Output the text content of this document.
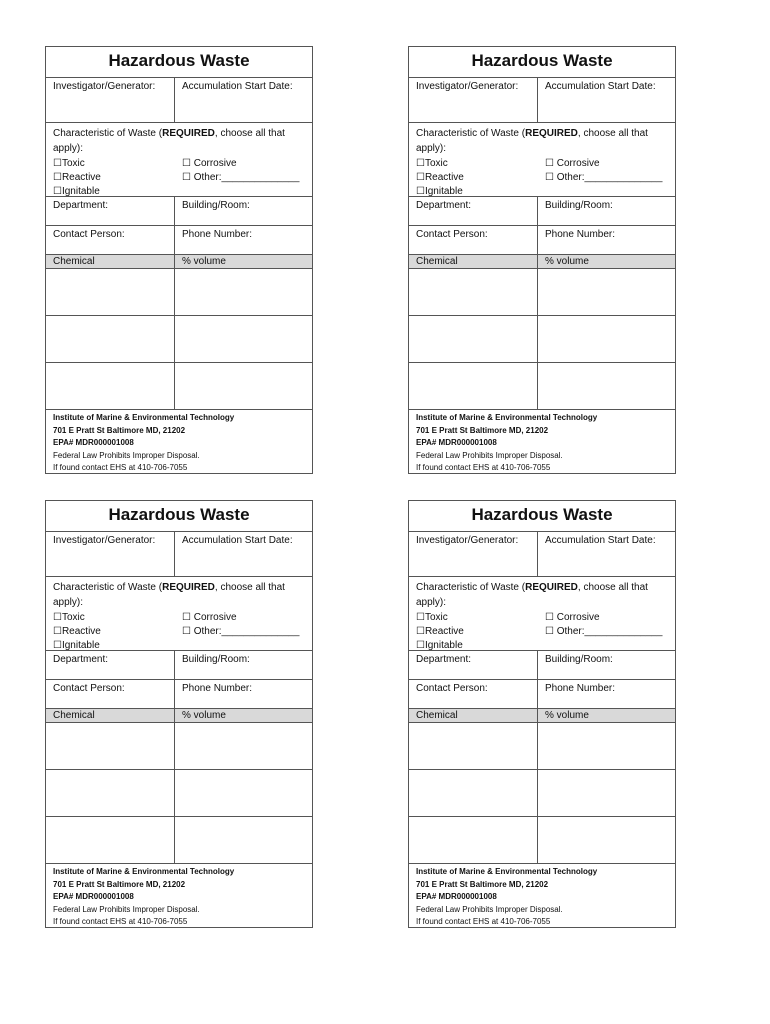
Hazardous Waste
Investigator/Generator:	Accumulation Start Date:
Characteristic of Waste (REQUIRED, choose all that apply):
☐Toxic
☐Reactive
☐Ignitable
☐ Corrosive
☐ Other:______________
Department:	Building/Room:
Contact Person:	Phone Number:
Chemical	% volume
Institute of Marine & Environmental Technology
701 E Pratt St Baltimore MD, 21202
EPA# MDR000001008
Federal Law Prohibits Improper Disposal.
If found contact EHS at 410-706-7055
Hazardous Waste
Investigator/Generator:	Accumulation Start Date:
Characteristic of Waste (REQUIRED, choose all that apply):
☐Toxic
☐Reactive
☐Ignitable
☐ Corrosive
☐ Other:______________
Department:	Building/Room:
Contact Person:	Phone Number:
Chemical	% volume
Institute of Marine & Environmental Technology
701 E Pratt St Baltimore MD, 21202
EPA# MDR000001008
Federal Law Prohibits Improper Disposal.
If found contact EHS at 410-706-7055
Hazardous Waste
Investigator/Generator:	Accumulation Start Date:
Characteristic of Waste (REQUIRED, choose all that apply):
☐Toxic
☐Reactive
☐Ignitable
☐ Corrosive
☐ Other:______________
Department:	Building/Room:
Contact Person:	Phone Number:
Chemical	% volume
Institute of Marine & Environmental Technology
701 E Pratt St Baltimore MD, 21202
EPA# MDR000001008
Federal Law Prohibits Improper Disposal.
If found contact EHS at 410-706-7055
Hazardous Waste
Investigator/Generator:	Accumulation Start Date:
Characteristic of Waste (REQUIRED, choose all that apply):
☐Toxic
☐Reactive
☐Ignitable
☐ Corrosive
☐ Other:______________
Department:	Building/Room:
Contact Person:	Phone Number:
Chemical	% volume
Institute of Marine & Environmental Technology
701 E Pratt St Baltimore MD, 21202
EPA# MDR000001008
Federal Law Prohibits Improper Disposal.
If found contact EHS at 410-706-7055
